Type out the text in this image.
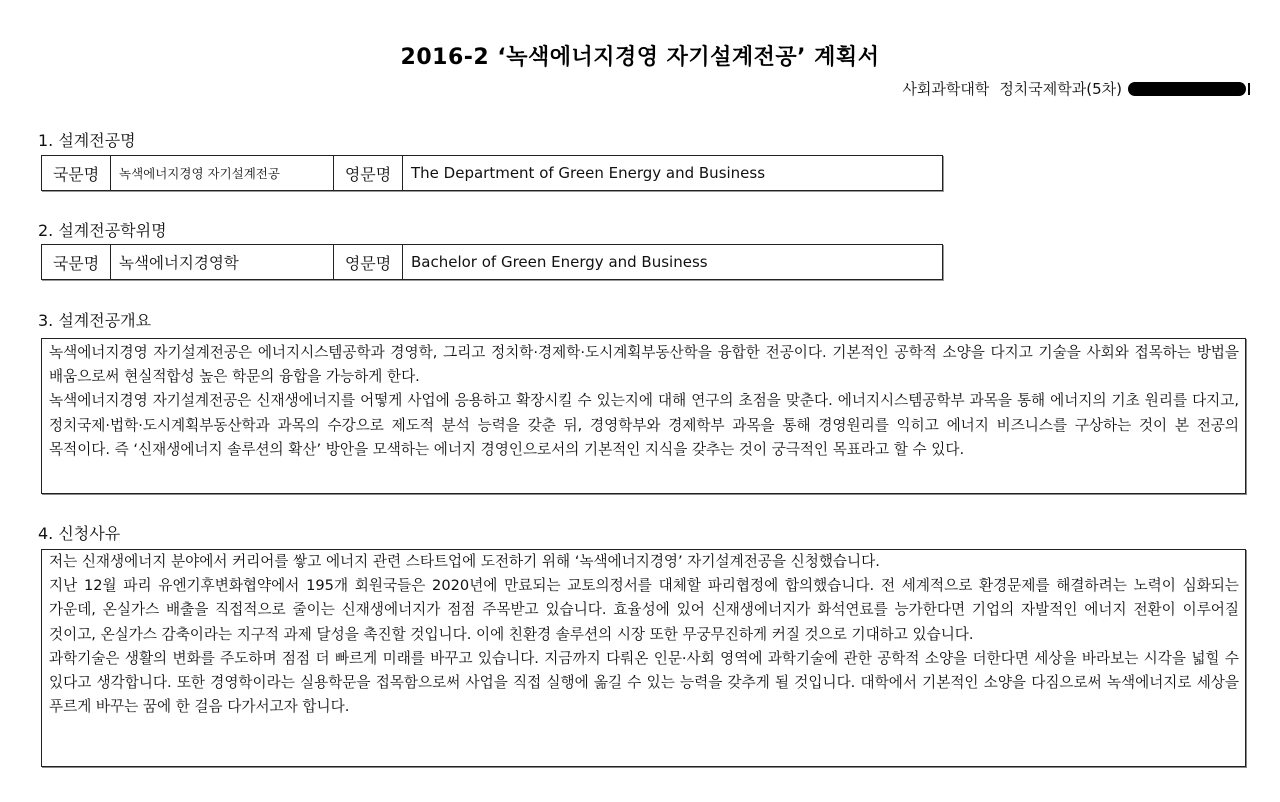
2016-2 ‘녹색에너지경영 자기설계전공’ 계획서
사회과학대학 정치국제학과(5차)
1. 설계전공명
국문명	녹색에너지경영 자기설계전공	영문명	The Department of Green Energy and Business
2. 설계전공학위명
국문명	녹색에너지경영학	영문명	Bachelor of Green Energy and Business
3. 설계전공개요

녹색에너지경영 자기설계전공은 에너지시스템공학과 경영학, 그리고 정치학·경제학·도시계획부동산학을 융합한 전공이다. 기본적인 공학적 소양을 다지고 기술을 사회와 접목하는 방법을 배움으로써 현실적합성 높은 학문의 융합을 가능하게 한다.

녹색에너지경영 자기설계전공은 신재생에너지를 어떻게 사업에 응용하고 확장시킬 수 있는지에 대해 연구의 초점을 맞춘다. 에너지시스템공학부 과목을 통해 에너지의 기초 원리를 다지고, 정치국제·법학·도시계획부동산학과 과목의 수강으로 제도적 분석 능력을 갖춘 뒤, 경영학부와 경제학부 과목을 통해 경영원리를 익히고 에너지 비즈니스를 구상하는 것이 본 전공의 목적이다. 즉 ‘신재생에너지 솔루션의 확산’ 방안을 모색하는 에너지 경영인으로서의 기본적인 지식을 갖추는 것이 궁극적인 목표라고 할 수 있다.

4. 신청사유

저는 신재생에너지 분야에서 커리어를 쌓고 에너지 관련 스타트업에 도전하기 위해 ‘녹색에너지경영’ 자기설계전공을 신청했습니다.

지난 12월 파리 유엔기후변화협약에서 195개 회원국들은 2020년에 만료되는 교토의정서를 대체할 파리협정에 합의했습니다. 전 세계적으로 환경문제를 해결하려는 노력이 심화되는 가운데, 온실가스 배출을 직접적으로 줄이는 신재생에너지가 점점 주목받고 있습니다. 효율성에 있어 신재생에너지가 화석연료를 능가한다면 기업의 자발적인 에너지 전환이 이루어질 것이고, 온실가스 감축이라는 지구적 과제 달성을 촉진할 것입니다. 이에 친환경 솔루션의 시장 또한 무궁무진하게 커질 것으로 기대하고 있습니다.

과학기술은 생활의 변화를 주도하며 점점 더 빠르게 미래를 바꾸고 있습니다. 지금까지 다뤄온 인문·사회 영역에 과학기술에 관한 공학적 소양을 더한다면 세상을 바라보는 시각을 넓힐 수 있다고 생각합니다. 또한 경영학이라는 실용학문을 접목함으로써 사업을 직접 실행에 옮길 수 있는 능력을 갖추게 될 것입니다. 대학에서 기본적인 소양을 다짐으로써 녹색에너지로 세상을 푸르게 바꾸는 꿈에 한 걸음 다가서고자 합니다.
